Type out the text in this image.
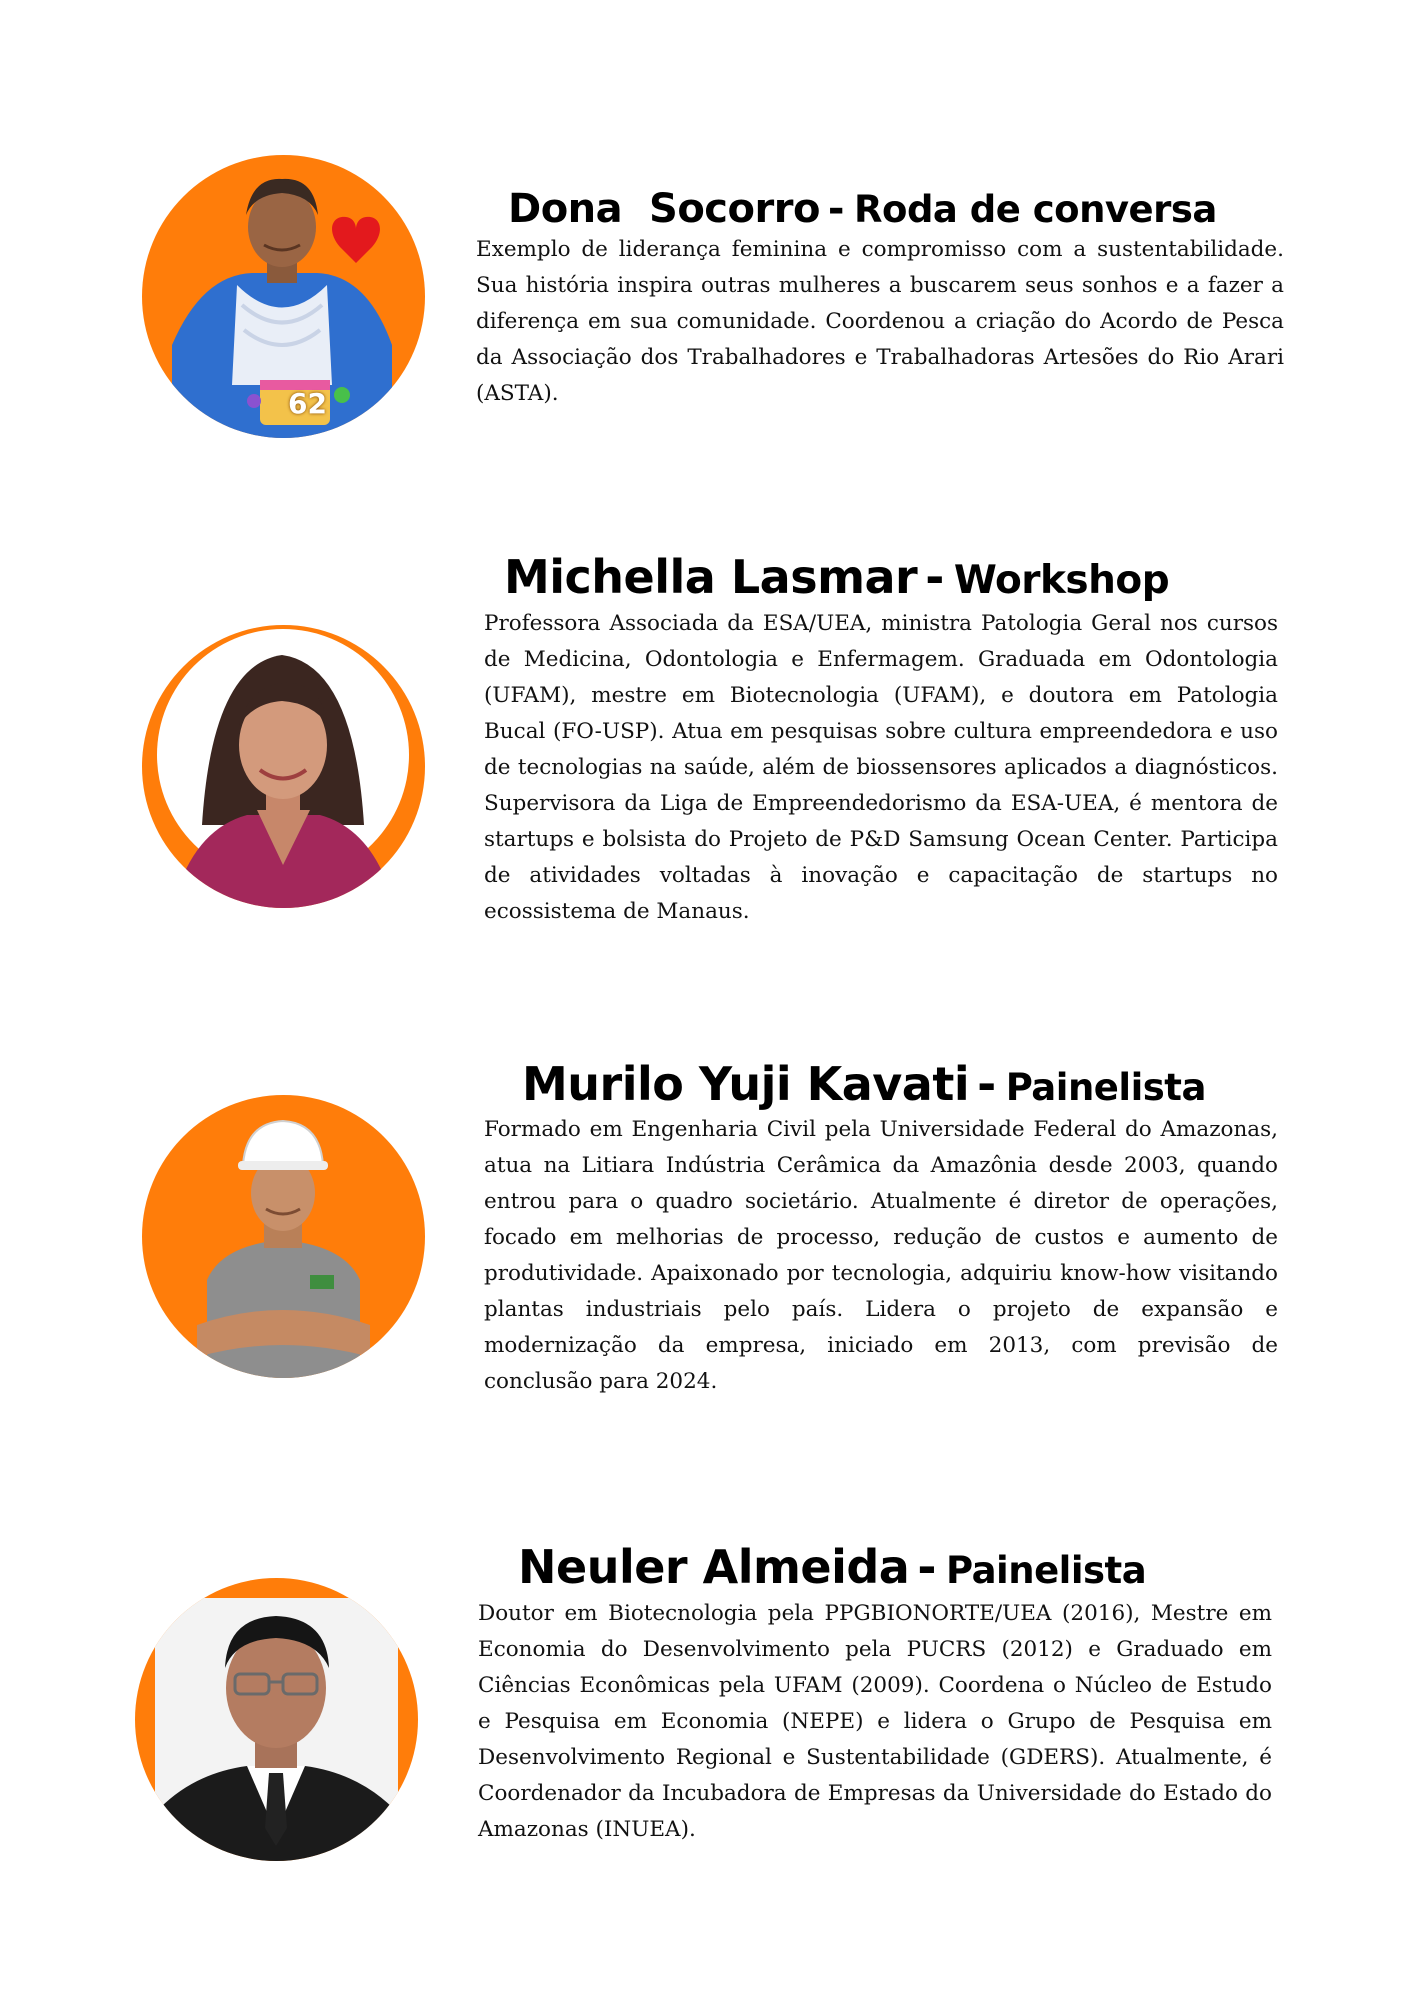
62
Dona  Socorro - Roda de conversa

Exemplo de liderança feminina e compromisso com a sustentabilidade. Sua história inspira outras mulheres a buscarem seus sonhos e a fazer a diferença em sua comunidade. Coordenou a criação do Acordo de Pesca da Associação dos Trabalhadores e Trabalhadoras Artesões do Rio Arari (ASTA).

Michella Lasmar - Workshop

Professora Associada da ESA/UEA, ministra Patologia Geral nos cursos de Medicina, Odontologia e Enfermagem. Graduada em Odontologia (UFAM), mestre em Biotecnologia (UFAM), e doutora em Patologia Bucal (FO-USP). Atua em pesquisas sobre cultura empreendedora e uso de tecnologias na saúde, além de biossensores aplicados a diagnósticos. Supervisora da Liga de Empreendedorismo da ESA-UEA, é mentora de startups e bolsista do Projeto de P&D Samsung Ocean Center. Participa de atividades voltadas à inovação e capacitação de startups no ecossistema de Manaus.

Murilo Yuji Kavati - Painelista

Formado em Engenharia Civil pela Universidade Federal do Amazonas, atua na Litiara Indústria Cerâmica da Amazônia desde 2003, quando entrou para o quadro societário. Atualmente é diretor de operações, focado em melhorias de processo, redução de custos e aumento de produtividade. Apaixonado por tecnologia, adquiriu know-how visitando plantas industriais pelo país. Lidera o projeto de expansão e modernização da empresa, iniciado em 2013, com previsão de conclusão para 2024.

Neuler Almeida - Painelista

Doutor em Biotecnologia pela PPGBIONORTE/UEA (2016), Mestre em Economia do Desenvolvimento pela PUCRS (2012) e Graduado em Ciências Econômicas pela UFAM (2009). Coordena o Núcleo de Estudo e Pesquisa em Economia (NEPE) e lidera o Grupo de Pesquisa em Desenvolvimento Regional e Sustentabilidade (GDERS). Atualmente, é Coordenador da Incubadora de Empresas da Universidade do Estado do Amazonas (INUEA).
